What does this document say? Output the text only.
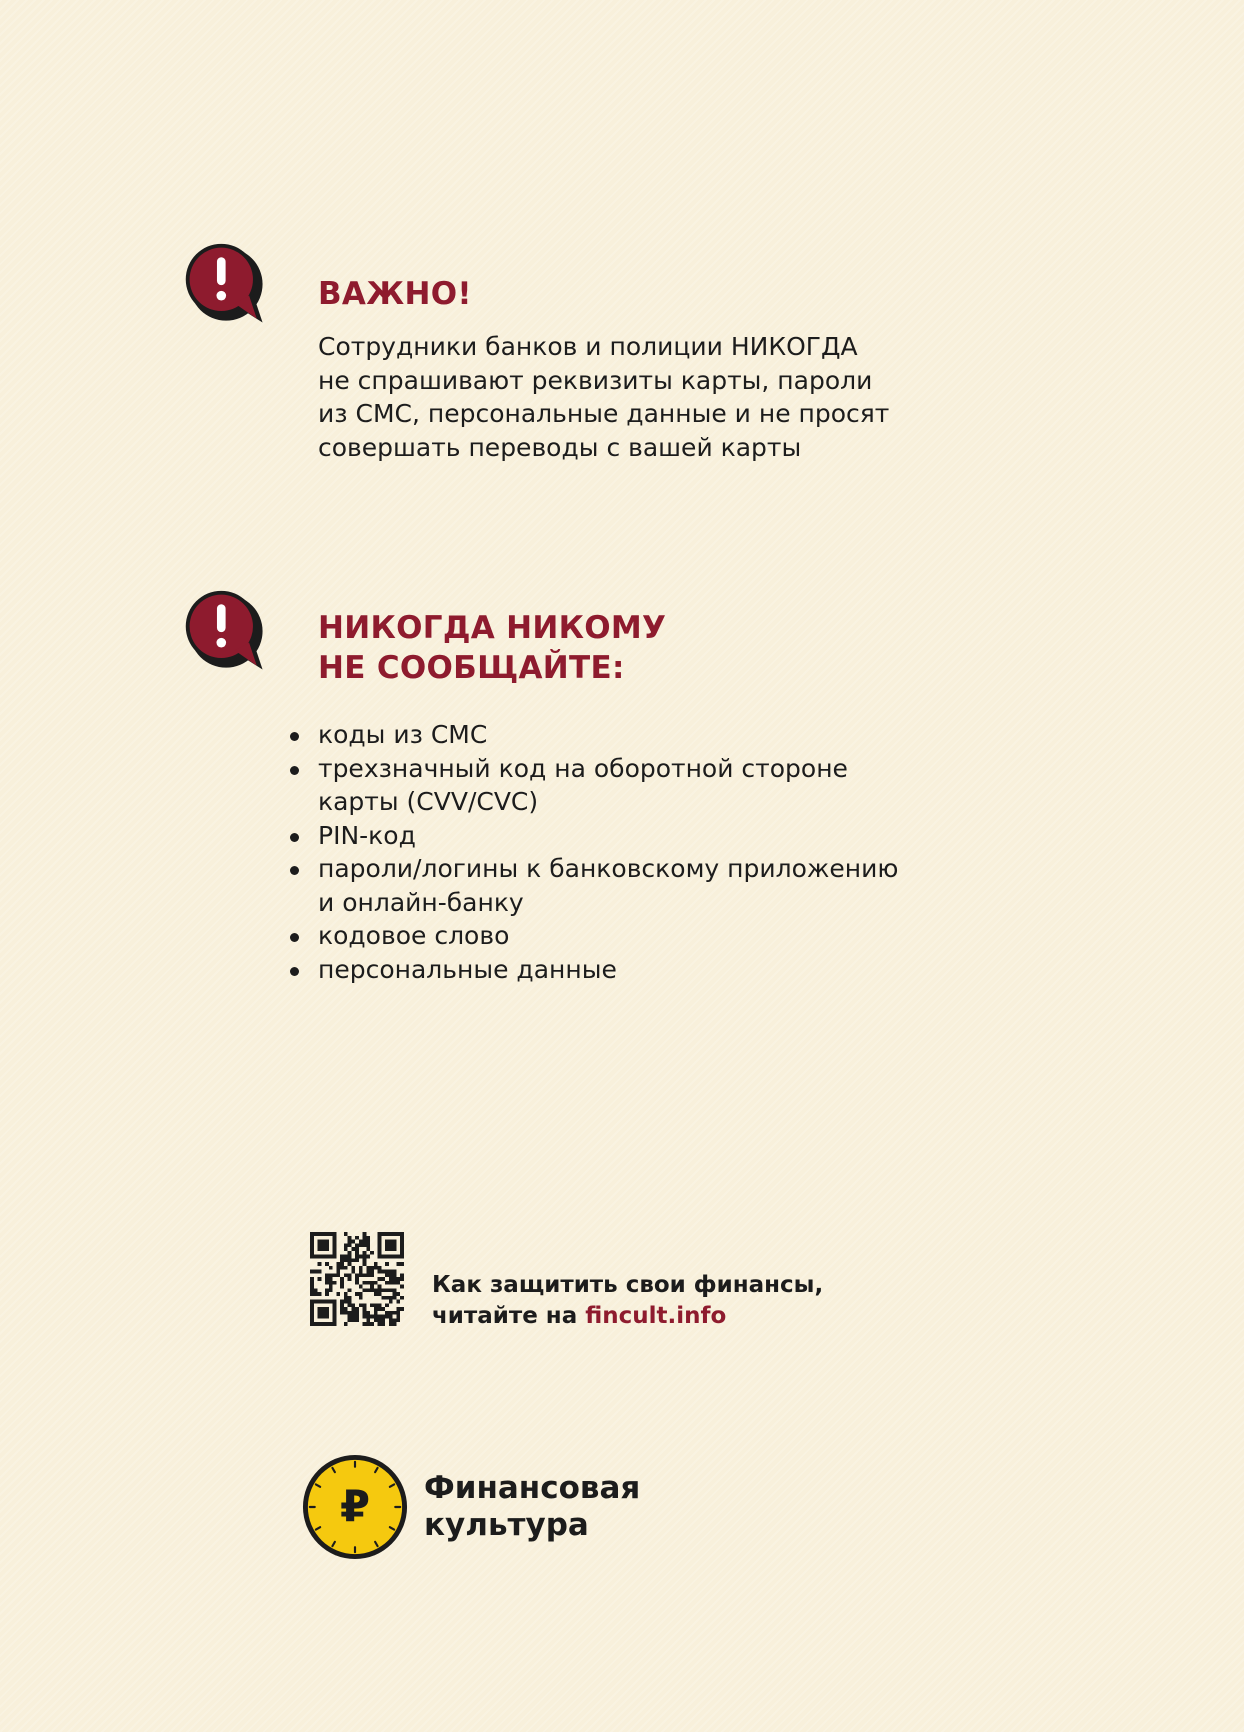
ВАЖНО!

Сотрудники банков и полиции НИКОГДА
не спрашивают реквизиты карты, пароли
из СМС, персональные данные и не просят
совершать переводы с вашей карты

НИКОГДА НИКОМУ
НЕ СООБЩАЙТЕ:
коды из СМС
трехзначный код на оборотной стороне
карты (CVV/CVC)
PIN-код
пароли/логины к банковскому приложению
и онлайн-банку
кодовое слово
персональные данные

Как защитить свои финансы,
читайте на fincult.info

₽ Финансовая
культура
